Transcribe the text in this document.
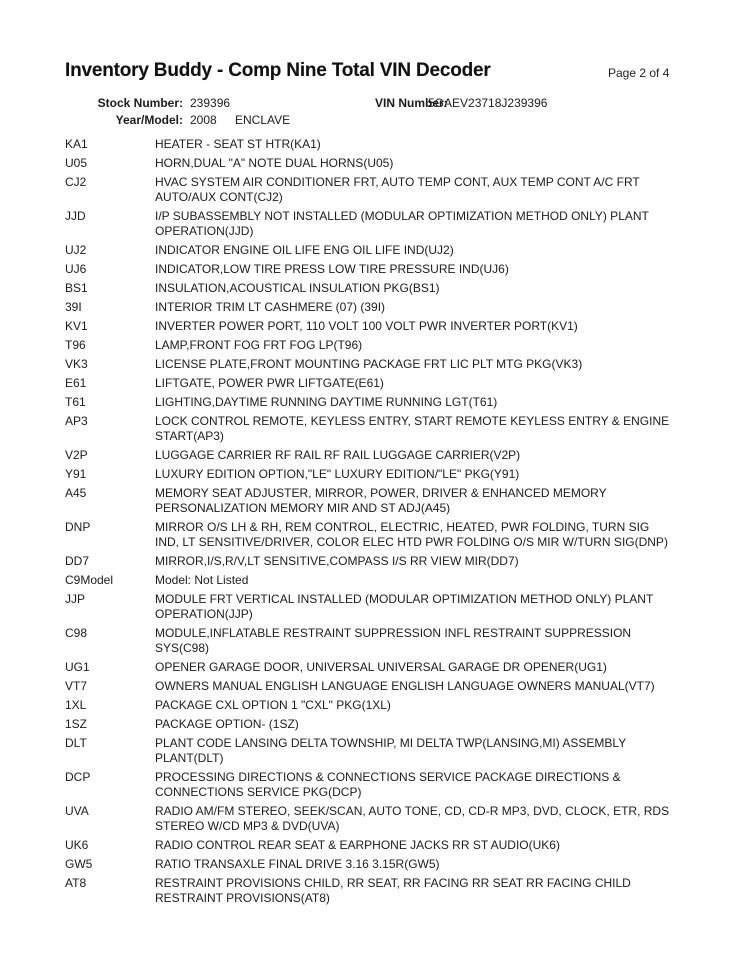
Inventory Buddy - Comp Nine Total VIN Decoder	Page 2 of 4
Stock Number: 239396	VIN Number:
5GAEV23718J239396
Year/Model: 2008 ENCLAVE
KA1	HEATER - SEAT ST HTR(KA1)
U05	HORN,DUAL "A" NOTE DUAL HORNS(U05)
CJ2	HVAC SYSTEM AIR CONDITIONER FRT, AUTO TEMP CONT, AUX TEMP CONT A/C FRT
AUTO/AUX CONT(CJ2)
JJD	I/P SUBASSEMBLY NOT INSTALLED (MODULAR OPTIMIZATION METHOD ONLY) PLANT
OPERATION(JJD)
UJ2	INDICATOR ENGINE OIL LIFE ENG OIL LIFE IND(UJ2)
UJ6	INDICATOR,LOW TIRE PRESS LOW TIRE PRESSURE IND(UJ6)
BS1	INSULATION,ACOUSTICAL INSULATION PKG(BS1)
39I	INTERIOR TRIM LT CASHMERE (07) (39I)
KV1	INVERTER POWER PORT, 110 VOLT 100 VOLT PWR INVERTER PORT(KV1)
T96	LAMP,FRONT FOG FRT FOG LP(T96)
VK3	LICENSE PLATE,FRONT MOUNTING PACKAGE FRT LIC PLT MTG PKG(VK3)
E61	LIFTGATE, POWER PWR LIFTGATE(E61)
T61	LIGHTING,DAYTIME RUNNING DAYTIME RUNNING LGT(T61)
AP3	LOCK CONTROL REMOTE, KEYLESS ENTRY, START REMOTE KEYLESS ENTRY & ENGINE
START(AP3)
V2P	LUGGAGE CARRIER RF RAIL RF RAIL LUGGAGE CARRIER(V2P)
Y91	LUXURY EDITION OPTION,"LE" LUXURY EDITION/"LE" PKG(Y91)
A45	MEMORY SEAT ADJUSTER, MIRROR, POWER, DRIVER & ENHANCED MEMORY
PERSONALIZATION MEMORY MIR AND ST ADJ(A45)
DNP	MIRROR O/S LH & RH, REM CONTROL, ELECTRIC, HEATED, PWR FOLDING, TURN SIG
IND, LT SENSITIVE/DRIVER, COLOR ELEC HTD PWR FOLDING O/S MIR W/TURN SIG(DNP)
DD7	MIRROR,I/S,R/V,LT SENSITIVE,COMPASS I/S RR VIEW MIR(DD7)
C9Model	Model: Not Listed
JJP	MODULE FRT VERTICAL INSTALLED (MODULAR OPTIMIZATION METHOD ONLY) PLANT
OPERATION(JJP)
C98	MODULE,INFLATABLE RESTRAINT SUPPRESSION INFL RESTRAINT SUPPRESSION
SYS(C98)
UG1	OPENER GARAGE DOOR, UNIVERSAL UNIVERSAL GARAGE DR OPENER(UG1)
VT7	OWNERS MANUAL ENGLISH LANGUAGE ENGLISH LANGUAGE OWNERS MANUAL(VT7)
1XL	PACKAGE CXL OPTION 1 "CXL" PKG(1XL)
1SZ	PACKAGE OPTION- (1SZ)
DLT	PLANT CODE LANSING DELTA TOWNSHIP, MI DELTA TWP(LANSING,MI) ASSEMBLY
PLANT(DLT)
DCP	PROCESSING DIRECTIONS & CONNECTIONS SERVICE PACKAGE DIRECTIONS &
CONNECTIONS SERVICE PKG(DCP)
UVA	RADIO AM/FM STEREO, SEEK/SCAN, AUTO TONE, CD, CD-R MP3, DVD, CLOCK, ETR, RDS
STEREO W/CD MP3 & DVD(UVA)
UK6	RADIO CONTROL REAR SEAT & EARPHONE JACKS RR ST AUDIO(UK6)
GW5	RATIO TRANSAXLE FINAL DRIVE 3.16 3.15R(GW5)
AT8	RESTRAINT PROVISIONS CHILD, RR SEAT, RR FACING RR SEAT RR FACING CHILD
RESTRAINT PROVISIONS(AT8)
